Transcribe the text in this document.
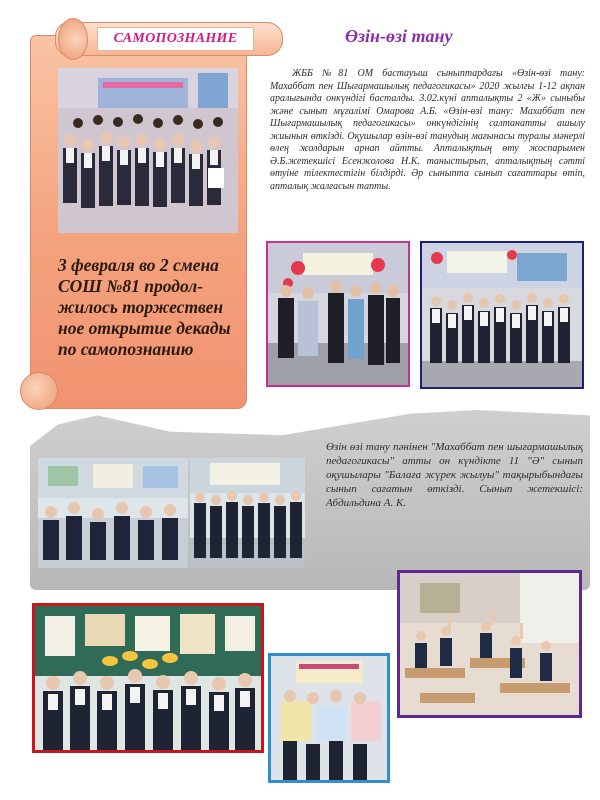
САМОПОЗНАНИЕ	Өзін-өзі тану
3 февраля во 2 смена СОШ №81 продол-жилось торжествен ное открытие декады по самопознанию
ЖББ №81 ОМ бастауыш сыныптардағы «Өзін-өзі тану: Махаббат пен Шығармашылық педагогикасы» 2020 жылғы 1-12 ақпан аралығында онкүндігі басталды. 3.02.күні апталықты 2 «Ж» сыныбы және сынып мұғалімі Омарова А.Б. «Өзін-өзі тану: Махаббат пен Шығармашылық педагогикасы» онкүндігінің салтанатты ашылу жиынын өткізді. Оқушылар өзін-өзі танудың мағынасы туралы мәнерлі өлең жолдарын арнап айтты. Апталықтың өту жоспарымен Ә.Б.жетекшісі Есенжолова Н.К. таныстырып, апталықтың сәтті өтуіне тілектестігін білдірді. Әр сыныпта сынып сағаттары өтіп, апталық жалғасын тапты.
Өзін өзі тану пәнінен "Махаббат пен шығармашылық педагогикасы" атты он күндікте 11 "Ә" сынып оқушылары "Балаға жүрек жылуы" тақырыбындағы сынып сағатын өткізді. Сынып жетекшісі: Абдильдина А. К.
